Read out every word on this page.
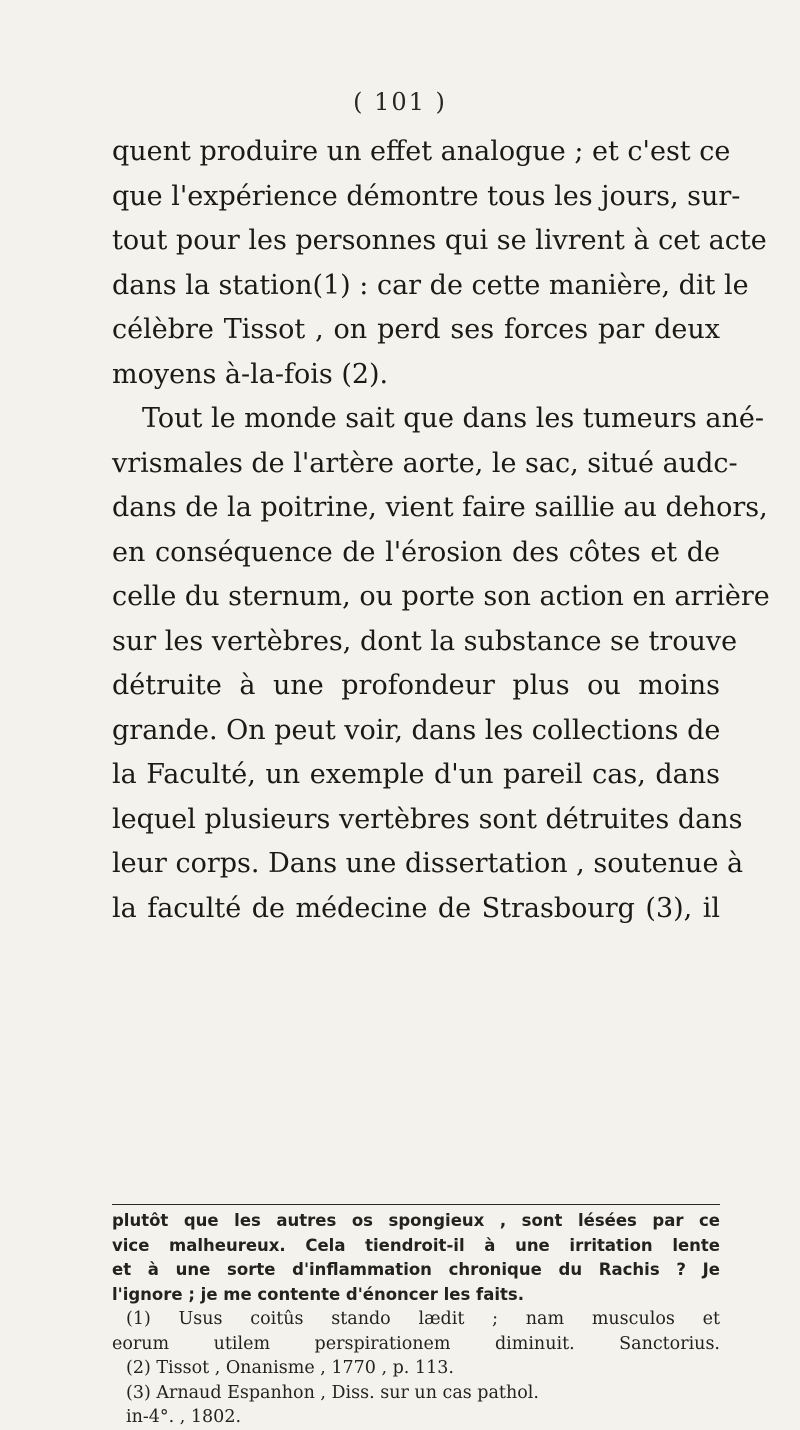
( 101 )
quent produire un effet analogue ; et c'est ce
que l'expérience démontre tous les jours, sur-
tout pour les personnes qui se livrent à cet acte
dans la station(1) : car de cette manière, dit le
célèbre Tissot , on perd ses forces par deux
moyens à-la-fois (2).
Tout le monde sait que dans les tumeurs ané-
vrismales de l'artère aorte, le sac, situé audc-
dans de la poitrine, vient faire saillie au dehors,
en conséquence de l'érosion des côtes et de
celle du sternum, ou porte son action en arrière
sur les vertèbres, dont la substance se trouve
détruite à une profondeur plus ou moins
grande. On peut voir, dans les collections de
la Faculté, un exemple d'un pareil cas, dans
lequel plusieurs vertèbres sont détruites dans
leur corps. Dans une dissertation , soutenue à
la faculté de médecine de Strasbourg (3), il
plutôt que les autres os spongieux , sont lésées par ce
vice malheureux. Cela tiendroit-il à une irritation lente
et à une sorte d'inflammation chronique du Rachis ? Je
l'ignore ; je me contente d'énoncer les faits.
(1) Usus coitûs stando lædit ; nam musculos et
eorum utilem perspirationem diminuit. Sanctorius.
(2) Tissot , Onanisme , 1770 , p. 113.
(3) Arnaud Espanhon , Diss. sur un cas pathol.
in-4°. , 1802.
